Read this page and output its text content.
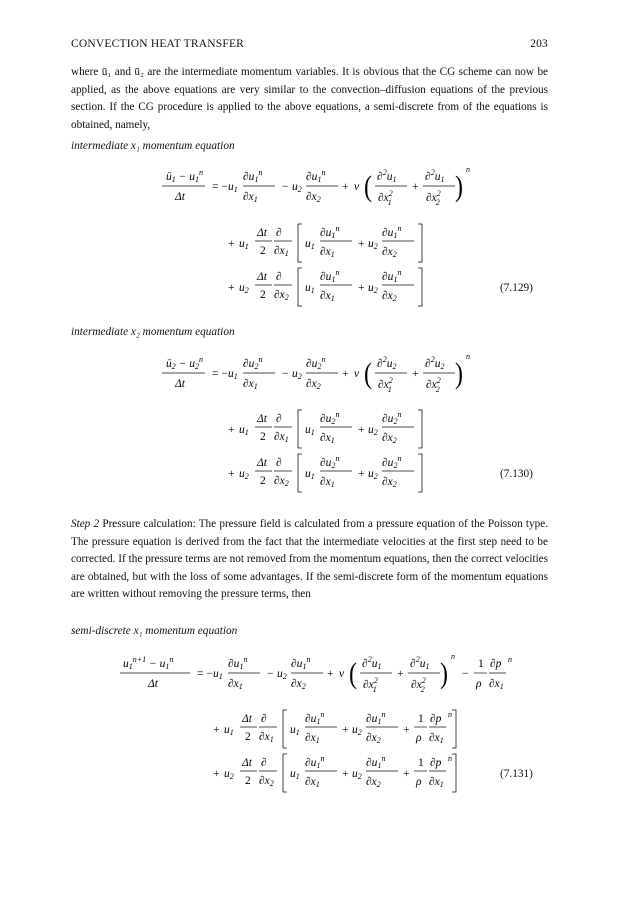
CONVECTION HEAT TRANSFER	203

where ū₁ and ū₂ are the intermediate momentum variables. It is obvious that the CG scheme can now be applied, as the above equations are very similar to the convection–diffusion equations of the previous section. If the CG procedure is applied to the above equations, a semi-discrete from of the equations is obtained, namely,

intermediate x₁ momentum equation

ū1 − $u1^n$
Δt
= − u1
∂u1$^n$
∂x1
− u2
∂u1$^n$
∂x2
+ ν ( ∂$^2$u1
$\partial x^2$ 1
+
∂$^2$u1
$\partial x^2$ 2 ) n
+ u1
Δt
2
∂
∂x1
u1
∂u1$^n$
∂x1
+ u2
∂u1$^n$
∂x2
+ u2
Δt
2
∂
∂x2
u1
∂u1$^n$
∂x1
+ u2
∂u1$^n$
∂x2
(7.129)

intermediate x₂ momentum equation

ū2 − $u2^n$
Δt
= − u1
∂u2$^n$
∂x1
− u2
∂u2$^n$
∂x2
+ ν ( ∂$^2$u2
$\partial x^2$ 1
+
∂$^2$u2
$\partial x^2$ 2 ) n
+ u1
Δt
2
∂
∂x1
u1
∂u2$^n$
∂x1
+ u2
∂u2$^n$
∂x2
+ u2
Δt
2
∂
∂x2
u1
∂u2$^n$
∂x1
+ u2
∂u2$^n$
∂x2
(7.130)

Step 2 Pressure calculation: The pressure field is calculated from a pressure equation of the Poisson type. The pressure equation is derived from the fact that the intermediate velocities at the first step need to be corrected. If the pressure terms are not removed from the momentum equations, then the correct velocities are obtained, but with the loss of some advantages. If the semi-discrete form of the momentum equations are written without removing the pressure terms, then

semi-discrete x₁ momentum equation

$u1^{n+1} - u1^n$
Δt
= − u1
∂u1$^n$
∂x1
− u2
∂u1$^n$
∂x2
+ ν ( ∂$^2$u1
$\partial x^2$ 1
+
∂$^2$u1
$\partial x^2$ 2 ) n
−
1
ρ
∂p n
∂x1
+ u1
Δt
2
∂
∂x1
u1
∂u1$^n$
∂x1
+ u2
∂u1$^n$
∂x2
+
1
ρ
∂p n
∂x1
+ u2
Δt
2
∂
∂x2
u1
∂u1$^n$
∂x1
+ u2
∂u1$^n$
∂x2
+
1
ρ
∂p n
∂x1
(7.131)
